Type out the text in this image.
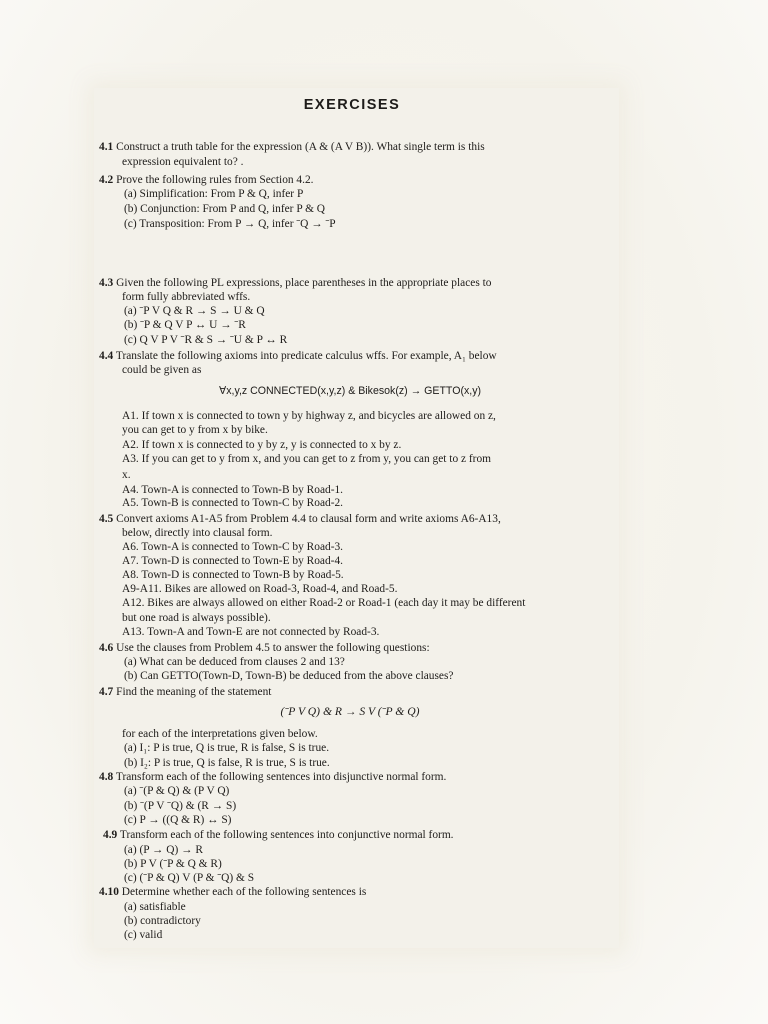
EXERCISES
4.1 Construct a truth table for the expression (A & (A V B)). What single term is this
expression equivalent to? .
4.2 Prove the following rules from Section 4.2.
(a) Simplification: From P & Q, infer P
(b) Conjunction: From P and Q, infer P & Q
(c) Transposition: From P → Q, infer ˉQ → ˉP
4.3 Given the following PL expressions, place parentheses in the appropriate places to
form fully abbreviated wffs.
(a) ˉP V Q & R → S → U & Q
(b) ˉP & Q V P ↔ U → ˉR
(c) Q V P V ˉR & S → ˉU & P ↔ R
4.4 Translate the following axioms into predicate calculus wffs. For example, A₁ below
could be given as
A1. If town x is connected to town y by highway z, and bicycles are allowed on z,
you can get to y from x by bike.
A2. If town x is connected to y by z, y is connected to x by z.
A3. If you can get to y from x, and you can get to z from y, you can get to z from
x.
A4. Town-A is connected to Town-B by Road-1.
A5. Town-B is connected to Town-C by Road-2.
4.5 Convert axioms A1-A5 from Problem 4.4 to clausal form and write axioms A6-A13,
below, directly into clausal form.
A6. Town-A is connected to Town-C by Road-3.
A7. Town-D is connected to Town-E by Road-4.
A8. Town-D is connected to Town-B by Road-5.
A9-A11. Bikes are allowed on Road-3, Road-4, and Road-5.
A12. Bikes are always allowed on either Road-2 or Road-1 (each day it may be different
but one road is always possible).
A13. Town-A and Town-E are not connected by Road-3.
4.6 Use the clauses from Problem 4.5 to answer the following questions:
(a) What can be deduced from clauses 2 and 13?
(b) Can GETTO(Town-D, Town-B) be deduced from the above clauses?
4.7 Find the meaning of the statement
for each of the interpretations given below.
(a) I₁: P is true, Q is true, R is false, S is true.
(b) I₂: P is true, Q is false, R is true, S is true.
4.8 Transform each of the following sentences into disjunctive normal form.
(a) ˉ(P & Q) & (P V Q)
(b) ˉ(P V ˉQ) & (R → S)
(c) P → ((Q & R) ↔ S)
4.9 Transform each of the following sentences into conjunctive normal form.
(a) (P → Q) → R
(b) P V (ˉP & Q & R)
(c) (ˉP & Q) V (P & ˉQ) & S
4.10 Determine whether each of the following sentences is
(a) satisfiable
(b) contradictory
(c) valid
∀x,y,z CONNECTED(x,y,z) & Bikesok(z) → GETTO(x,y)
(ˉP V Q) & R → S V (ˉP & Q)
